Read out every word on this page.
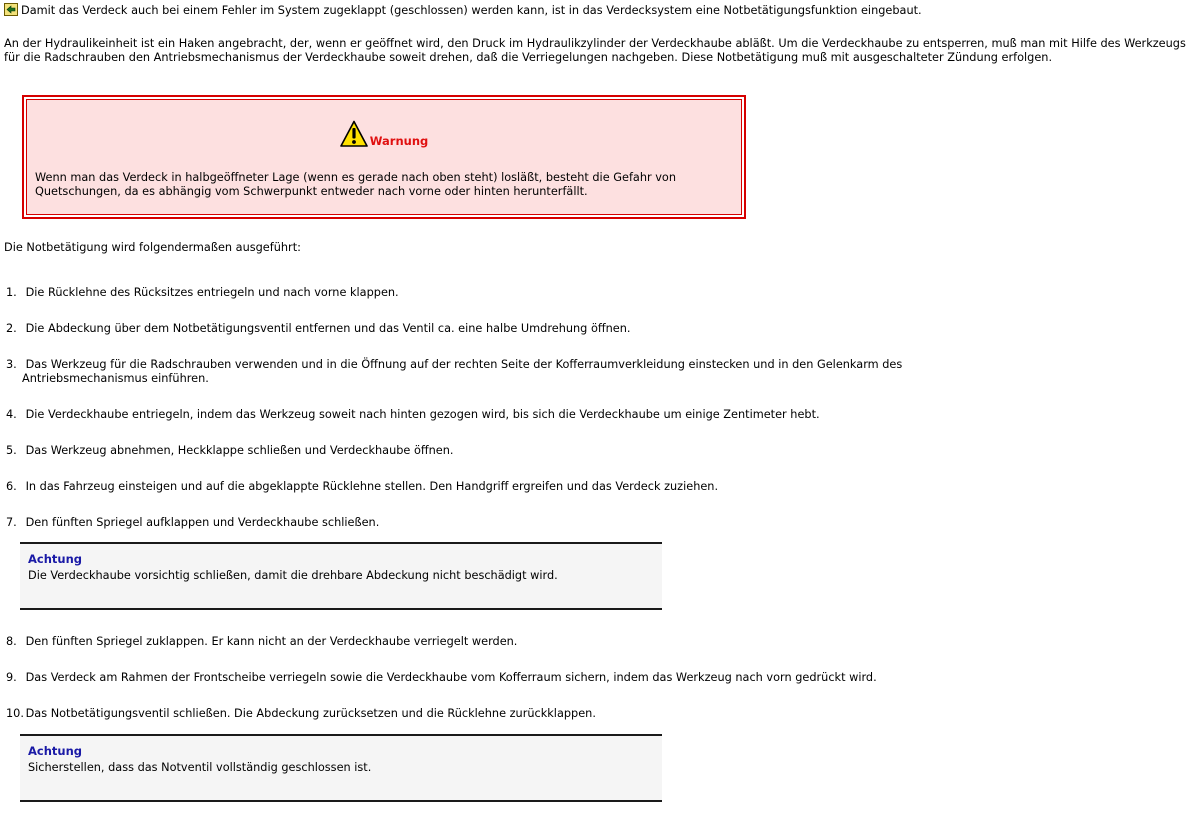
Damit das Verdeck auch bei einem Fehler im System zugeklappt (geschlossen) werden kann, ist in das Verdecksystem eine Notbetätigungsfunktion eingebaut.

An der Hydraulikeinheit ist ein Haken angebracht, der, wenn er geöffnet wird, den Druck im Hydraulikzylinder der Verdeckhaube abläßt. Um die Verdeckhaube zu entsperren, muß man mit Hilfe des Werkzeugs für die Radschrauben den Antriebsmechanismus der Verdeckhaube soweit drehen, daß die Verriegelungen nachgeben. Diese Notbetätigung muß mit ausgeschalteter Zündung erfolgen.

Warnung
Wenn man das Verdeck in halbgeöffneter Lage (wenn es gerade nach oben steht) losläßt, besteht die Gefahr von Quetschungen, da es abhängig vom Schwerpunkt entweder nach vorne oder hinten herunterfällt.

Die Notbetätigung wird folgendermaßen ausgeführt:

1. Die Rücklehne des Rücksitzes entriegeln und nach vorne klappen.
2. Die Abdeckung über dem Notbetätigungsventil entfernen und das Ventil ca. eine halbe Umdrehung öffnen.
3. Das Werkzeug für die Radschrauben verwenden und in die Öffnung auf der rechten Seite der Kofferraumverkleidung einstecken und in den Gelenkarm des
Antriebsmechanismus einführen.
4. Die Verdeckhaube entriegeln, indem das Werkzeug soweit nach hinten gezogen wird, bis sich die Verdeckhaube um einige Zentimeter hebt.
5. Das Werkzeug abnehmen, Heckklappe schließen und Verdeckhaube öffnen.
6. In das Fahrzeug einsteigen und auf die abgeklappte Rücklehne stellen. Den Handgriff ergreifen und das Verdeck zuziehen.
7. Den fünften Spriegel aufklappen und Verdeckhaube schließen.
Achtung
Die Verdeckhaube vorsichtig schließen, damit die drehbare Abdeckung nicht beschädigt wird.
8. Den fünften Spriegel zuklappen. Er kann nicht an der Verdeckhaube verriegelt werden.
9. Das Verdeck am Rahmen der Frontscheibe verriegeln sowie die Verdeckhaube vom Kofferraum sichern, indem das Werkzeug nach vorn gedrückt wird.
10. Das Notbetätigungsventil schließen. Die Abdeckung zurücksetzen und die Rücklehne zurückklappen.
Achtung
Sicherstellen, dass das Notventil vollständig geschlossen ist.
